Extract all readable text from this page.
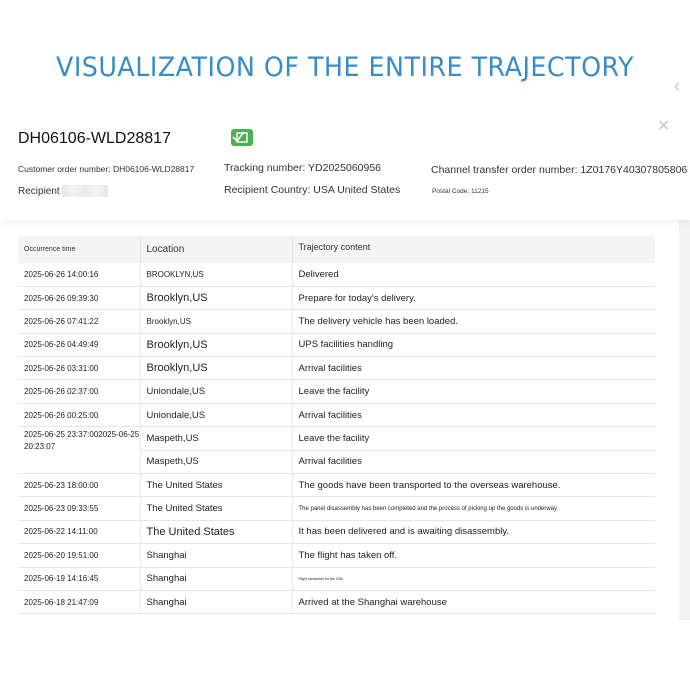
VISUALIZATION OF THE ENTIRE TRAJECTORY
‹
DH06106-WLD28817
✕
Customer order number: DH06106-WLD28817	Tracking number: YD2025060956	Channel transfer order number: 1Z0176Y40307805806
Recipient	Recipient Country: USA United States	Postal Code: 11215
Occurrence time	Location	Trajectory content
2025-06-26 14:00:16	BROOKLYN,US	Delivered
2025-06-26 09:39:30	Brooklyn,US	Prepare for today's delivery.
2025-06-26 07:41:22	Brooklyn,US	The delivery vehicle has been loaded.
2025-06-26 04:49:49	Brooklyn,US	UPS facilities handling
2025-06-26 03:31:00	Brooklyn,US	Arrival facilities
2025-06-26 02:37:00	Uniondale,US	Leave the facility
2025-06-26 00:25:00	Uniondale,US	Arrival facilities
2025-06-25 23:37:002025-06-25 20:23:07	Maspeth,US	Leave the facility
	Maspeth,US	Arrival facilities
2025-06-23 18:00:00	The United States	The goods have been transported to the overseas warehouse.
2025-06-23 09:33:55	The United States	The panel disassembly has been completed and the process of picking up the goods is underway.
2025-06-22 14:11:00	The United States	It has been delivered and is awaiting disassembly.
2025-06-20 19:51:00	Shanghai	The flight has taken off.
2025-06-19 14:16:45	Shanghai	Flight scheduled for the 20th
2025-06-18 21:47:09	Shanghai	Arrived at the Shanghai warehouse
